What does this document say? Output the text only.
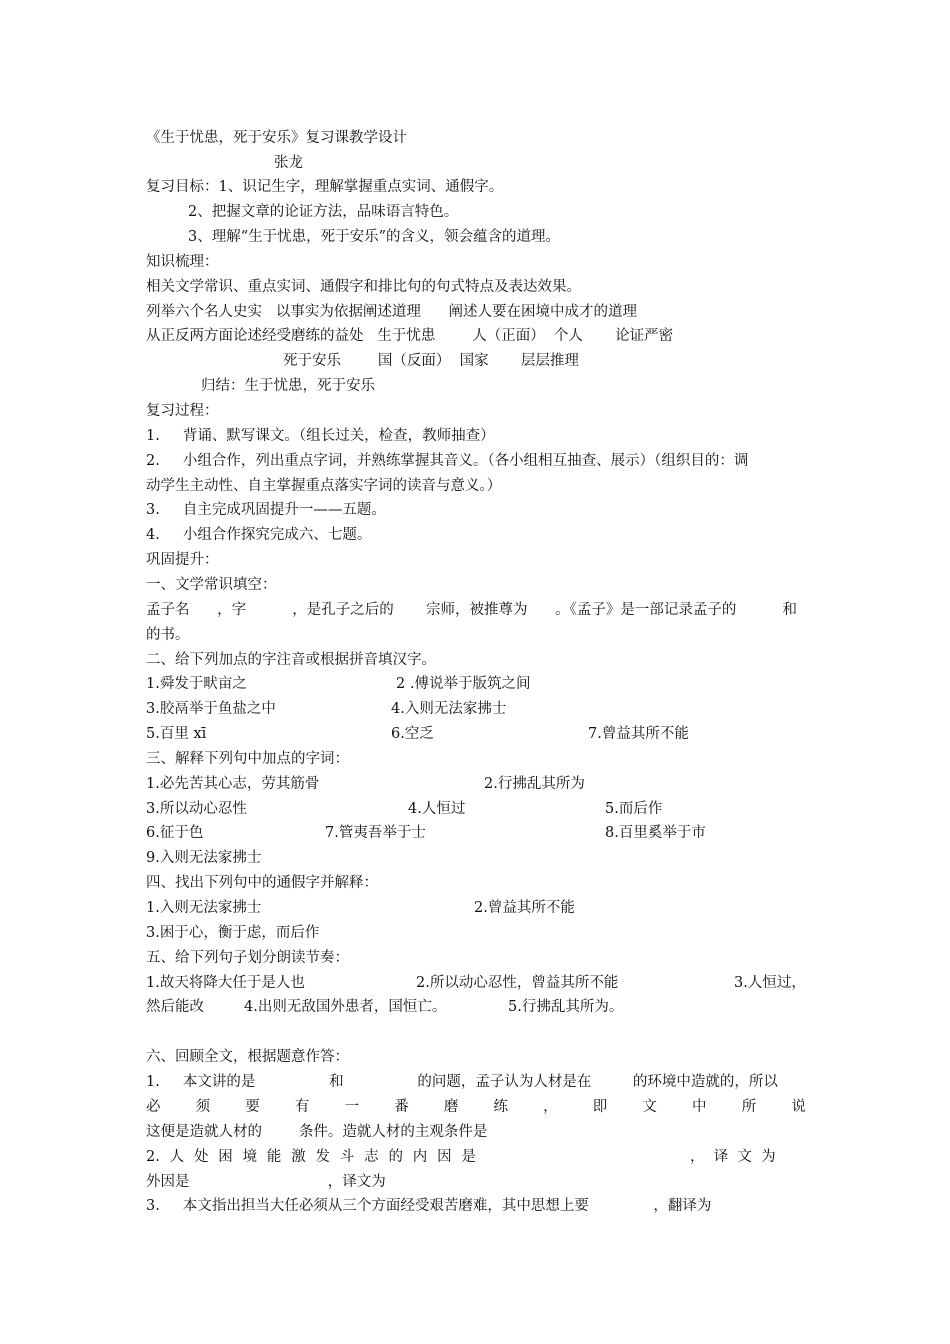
《生于忧患，死于安乐》复习课教学设计
张龙
复习目标：1、识记生字，理解掌握重点实词、通假字。
2、把握文章的论证方法，品味语言特色。
3、理解“生于忧患，死于安乐”的含义，领会蕴含的道理。
知识梳理：
相关文学常识、重点实词、通假字和排比句的句式特点及表达效果。
列举六个名人史实   以事实为依据阐述道理      阐述人要在困境中成才的道理
从正反两方面论述经受磨练的益处   生于忧患        人（正面）  个人       论证严密
死于安乐        国（反面）  国家       层层推理
归结：生于忧患，死于安乐
复习过程：
1.     背诵、默写课文。（组长过关，检查，教师抽查）
2.     小组合作，列出重点字词，并熟练掌握其音义。（各小组相互抽查、展示）（组织目的：调
动学生主动性、自主掌握重点落实字词的读音与意义。）
3.     自主完成巩固提升一——五题。
4.     小组合作探究完成六、七题。
巩固提升：
一、文学常识填空：
孟子名      ，字          ，是孔子之后的       宗师，被推尊为      。《孟子》是一部记录孟子的          和
的书。
二、给下列加点的字注音或根据拼音填汉字。
1.舜发于畎亩之	2 .傅说举于版筑之间
3.胶鬲举于鱼盐之中	4.入则无法家拂士
5.百里 xī	6.空乏	7.曾益其所不能
三、解释下列句中加点的字词：
1.必先苦其心志，劳其筋骨	2.行拂乱其所为
3.所以动心忍性	4.人恒过	5.而后作
6.征于色	7.管夷吾举于士	8.百里奚举于市
9.入则无法家拂士
四、找出下列句中的通假字并解释：
1.入则无法家拂士	2.曾益其所不能
3.困于心，衡于虑，而后作
五、给下列句子划分朗读节奏：
1.故天将降大任于是人也	2.所以动心忍性，曾益其所不能	3.人恒过，
然后能改	4.出则无敌国外患者，国恒亡。	5.行拂乱其所为。
六、回顾全文，根据题意作答：
1.     本文讲的是                和                的问题，孟子认为人材是在         的环境中造就的，所以
必 须 要 有 一 番 磨 练 ， 即 文 中 所 说
这便是造就人材的        条件。造就人材的主观条件是
2. 人 处 困 境 能 激 发 斗 志 的 内 因 是	，  译  文  为
外因是                              ，译文为
3.     本文指出担当大任必须从三个方面经受艰苦磨难，其中思想上要              ，翻译为
